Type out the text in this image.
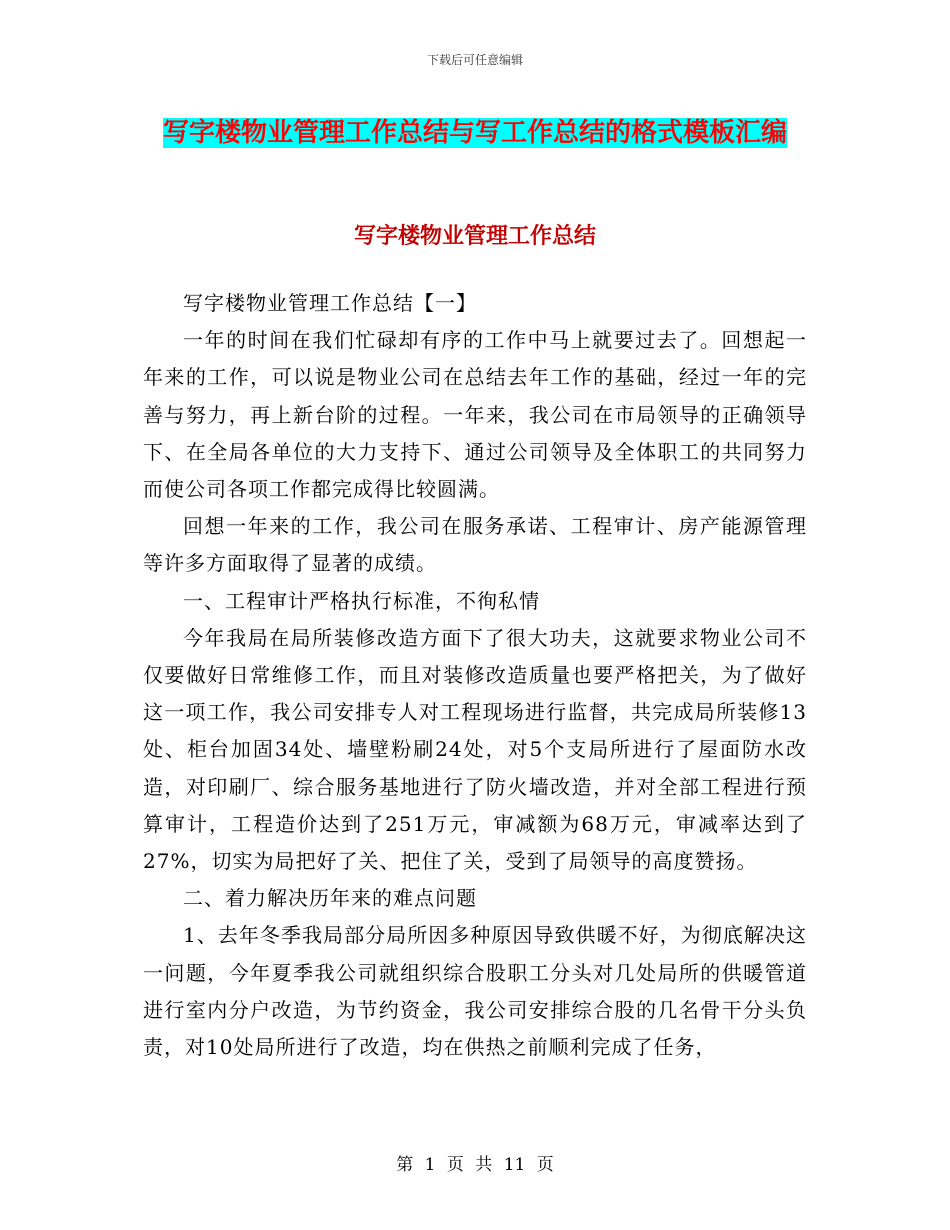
下载后可任意编辑
写字楼物业管理工作总结与写工作总结的格式模板汇编
写字楼物业管理工作总结

写字楼物业管理工作总结【一】

一年的时间在我们忙碌却有序的工作中马上就要过去了。回想起一年来的工作，可以说是物业公司在总结去年工作的基础，经过一年的完善与努力，再上新台阶的过程。一年来，我公司在市局领导的正确领导下、在全局各单位的大力支持下、通过公司领导及全体职工的共同努力而使公司各项工作都完成得比较圆满。

回想一年来的工作，我公司在服务承诺、工程审计、房产能源管理等许多方面取得了显著的成绩。

一、工程审计严格执行标准，不徇私情

今年我局在局所装修改造方面下了很大功夫，这就要求物业公司不仅要做好日常维修工作，而且对装修改造质量也要严格把关，为了做好这一项工作，我公司安排专人对工程现场进行监督，共完成局所装修13处、柜台加固34处、墙壁粉刷24处，对5个支局所进行了屋面防水改造，对印刷厂、综合服务基地进行了防火墙改造，并对全部工程进行预算审计，工程造价达到了251万元，审减额为68万元，审减率达到了27%，切实为局把好了关、把住了关，受到了局领导的高度赞扬。

二、着力解决历年来的难点问题

1、去年冬季我局部分局所因多种原因导致供暖不好，为彻底解决这一问题，今年夏季我公司就组织综合股职工分头对几处局所的供暖管道进行室内分户改造，为节约资金，我公司安排综合股的几名骨干分头负责，对10处局所进行了改造，均在供热之前顺利完成了任务，

第 1 页 共 11 页
